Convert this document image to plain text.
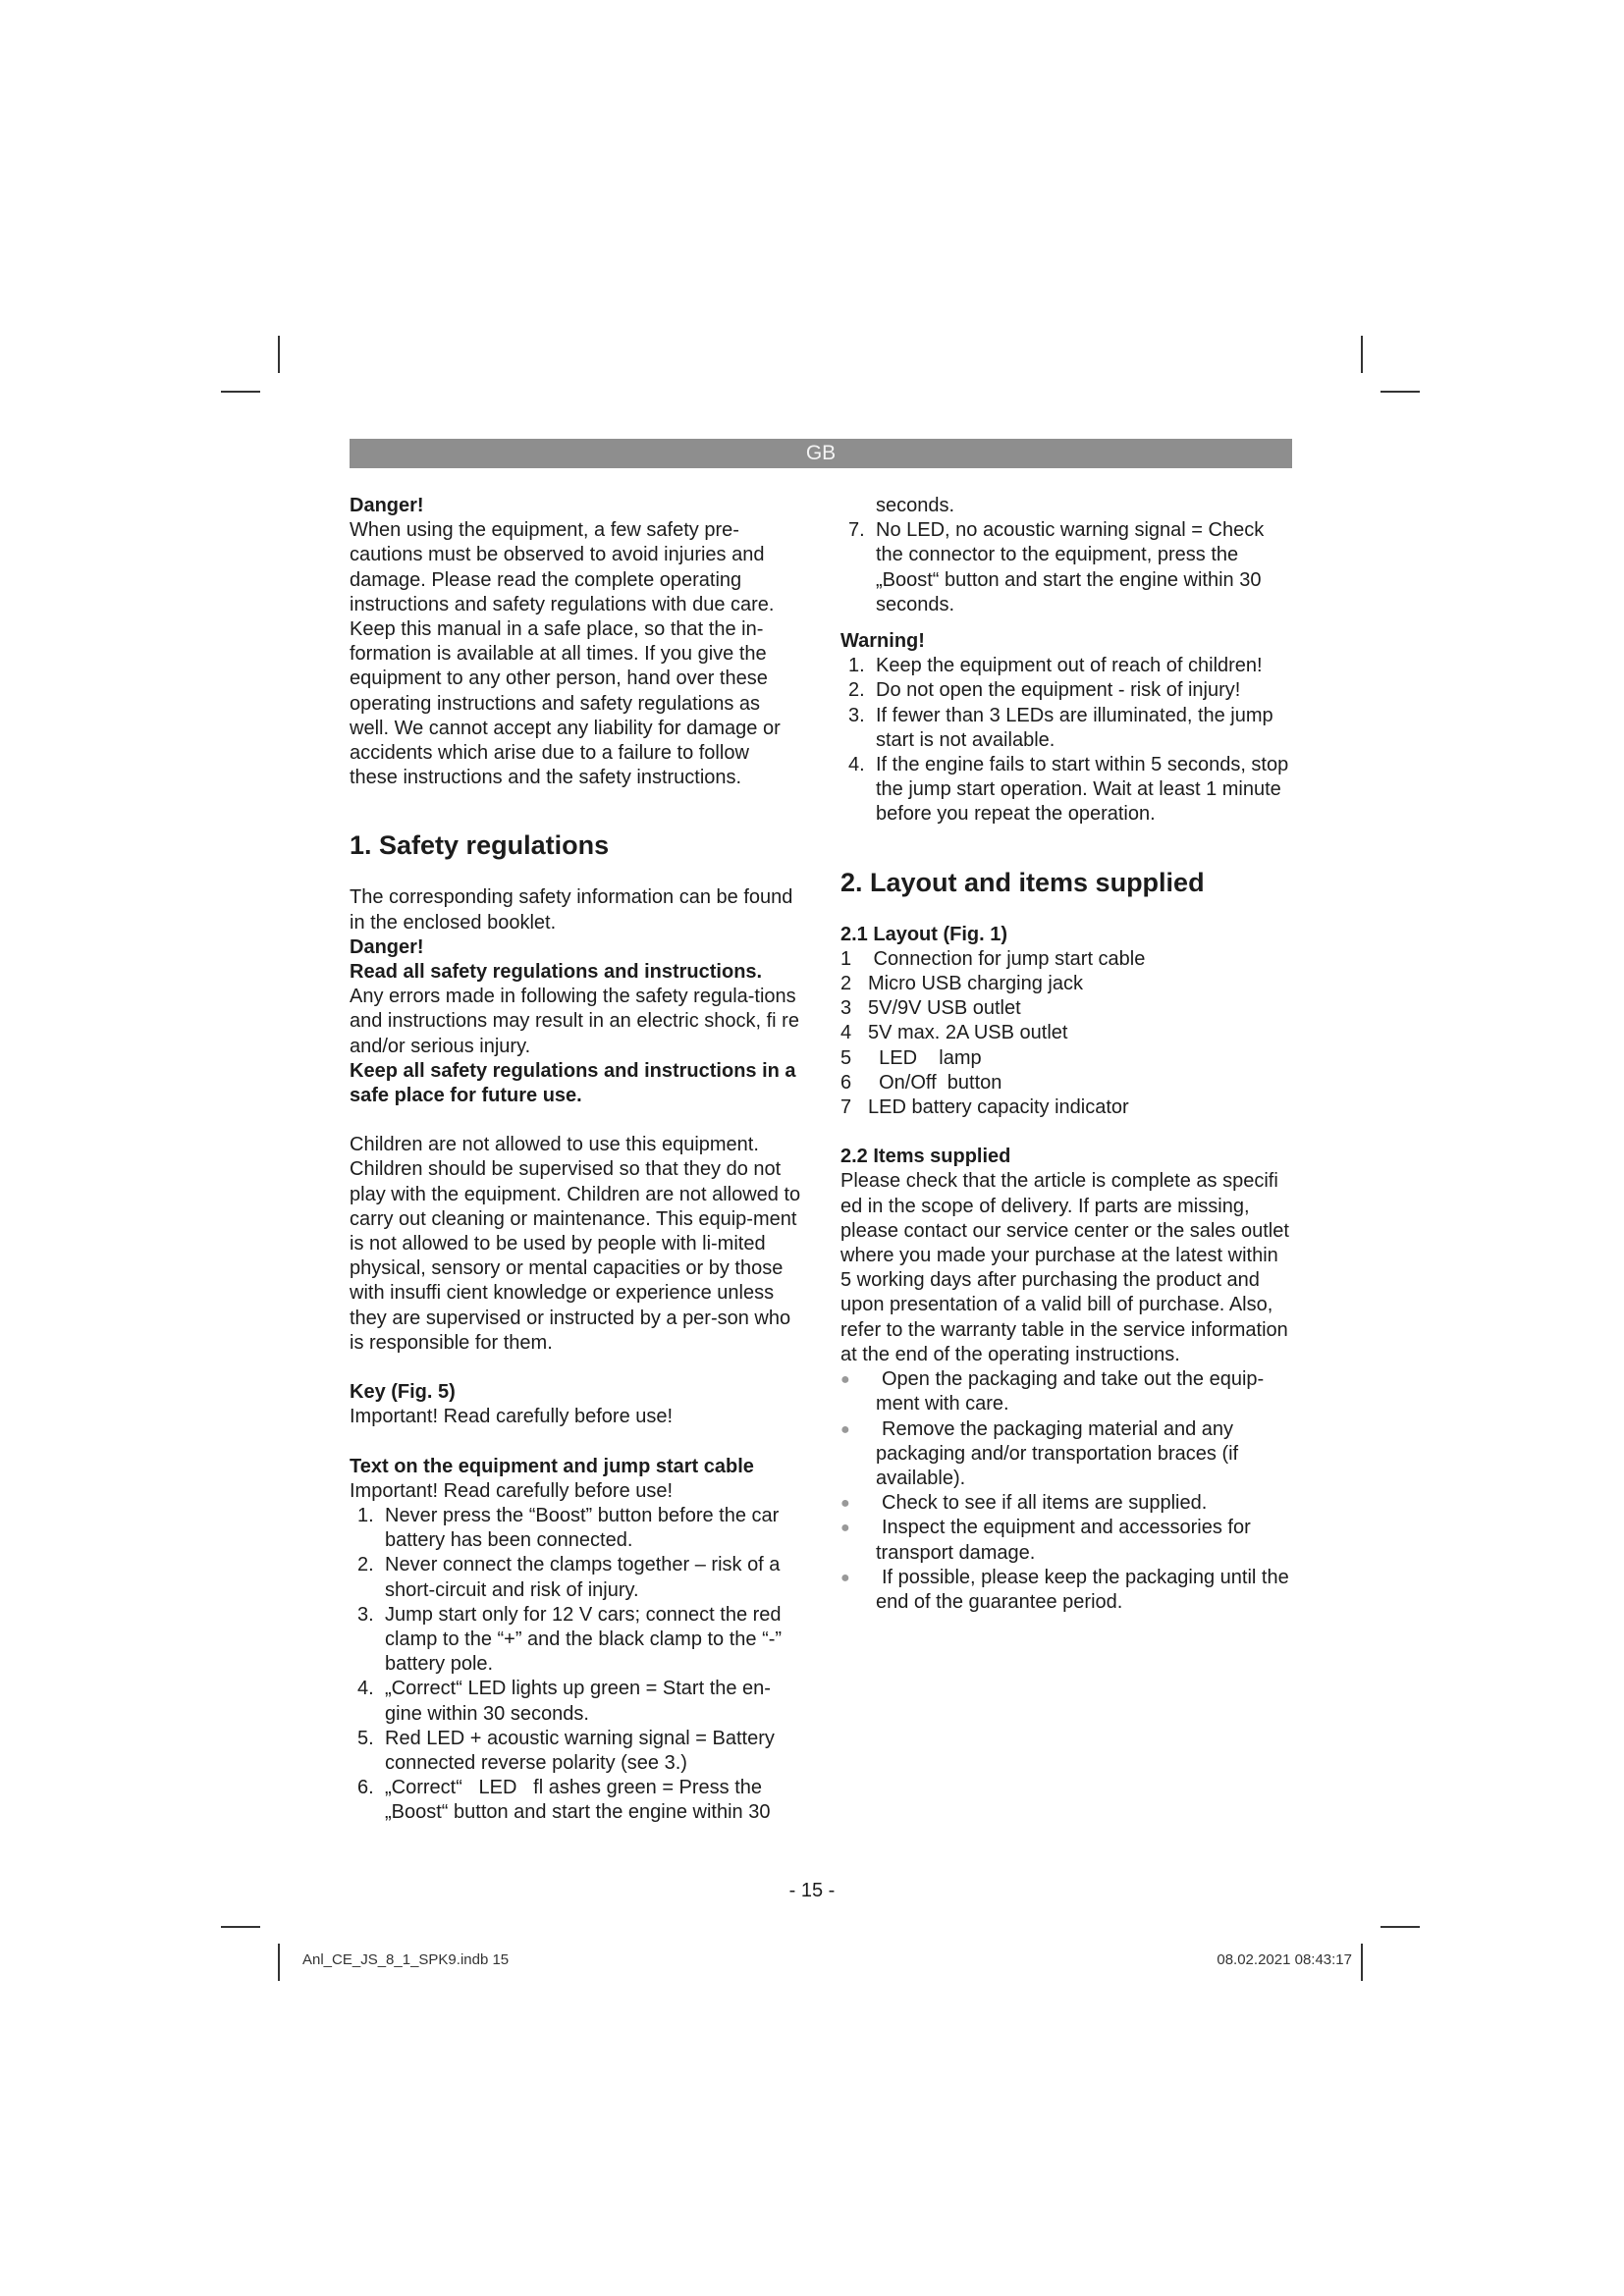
GB

Danger!

When using the equipment, a few safety pre-cautions must be observed to avoid injuries and damage. Please read the complete operating instructions and safety regulations with due care. Keep this manual in a safe place, so that the in-formation is available at all times. If you give the equipment to any other person, hand over these operating instructions and safety regulations as well. We cannot accept any liability for damage or accidents which arise due to a failure to follow these instructions and the safety instructions.

1. Safety regulations

The corresponding safety information can be found in the enclosed booklet.

Danger!

Read all safety regulations and instructions.

Any errors made in following the safety regula-tions and instructions may result in an electric shock, fi re and/or serious injury.

Keep all safety regulations and instructions in a safe place for future use.

Children are not allowed to use this equipment. Children should be supervised so that they do not play with the equipment. Children are not allowed to carry out cleaning or maintenance. This equip-ment is not allowed to be used by people with li-mited physical, sensory or mental capacities or by those with insuffi cient knowledge or experience unless they are supervised or instructed by a per-son who is responsible for them.

Key (Fig. 5)

Important! Read carefully before use!

Text on the equipment and jump start cable

Important! Read carefully before use!

1. Never press the “Boost” button before the car battery has been connected.
2. Never connect the clamps together – risk of a short-circuit and risk of injury.
3. Jump start only for 12 V cars; connect the red clamp to the “+” and the black clamp to the “-” battery pole.
4. „Correct“ LED lights up green = Start the en-gine within 30 seconds.
5. Red LED + acoustic warning signal = Battery connected reverse polarity (see 3.)
6. „Correct“   LED   fl ashes green = Press the „Boost“ button and start the engine within 30

seconds.

7. No LED, no acoustic warning signal = Check the connector to the equipment, press the „Boost“ button and start the engine within 30 seconds.

Warning!

1. Keep the equipment out of reach of children!
2. Do not open the equipment - risk of injury!
3. If fewer than 3 LEDs are illuminated, the jump start is not available.
4. If the engine fails to start within 5 seconds, stop the jump start operation. Wait at least 1 minute before you repeat the operation.

2. Layout and items supplied

2.1 Layout (Fig. 1)

1 Connection for jump start cable
2 Micro USB charging jack
3 5V/9V USB outlet
4 5V max. 2A USB outlet
5  LED    lamp
6  On/Off  button
7 LED battery capacity indicator

2.2 Items supplied

Please check that the article is complete as specifi ed in the scope of delivery. If parts are missing, please contact our service center or the sales outlet where you made your purchase at the latest within 5 working days after purchasing the product and upon presentation of a valid bill of purchase. Also, refer to the warranty table in the service information at the end of the operating instructions.

● Open the packaging and take out the equip-ment with care.
● Remove the packaging material and any packaging and/or transportation braces (if available).
● Check to see if all items are supplied.
● Inspect the equipment and accessories for transport damage.
● If possible, please keep the packaging until the end of the guarantee period.
- 15 -
Anl_CE_JS_8_1_SPK9.indb 15	08.02.2021 08:43:17
